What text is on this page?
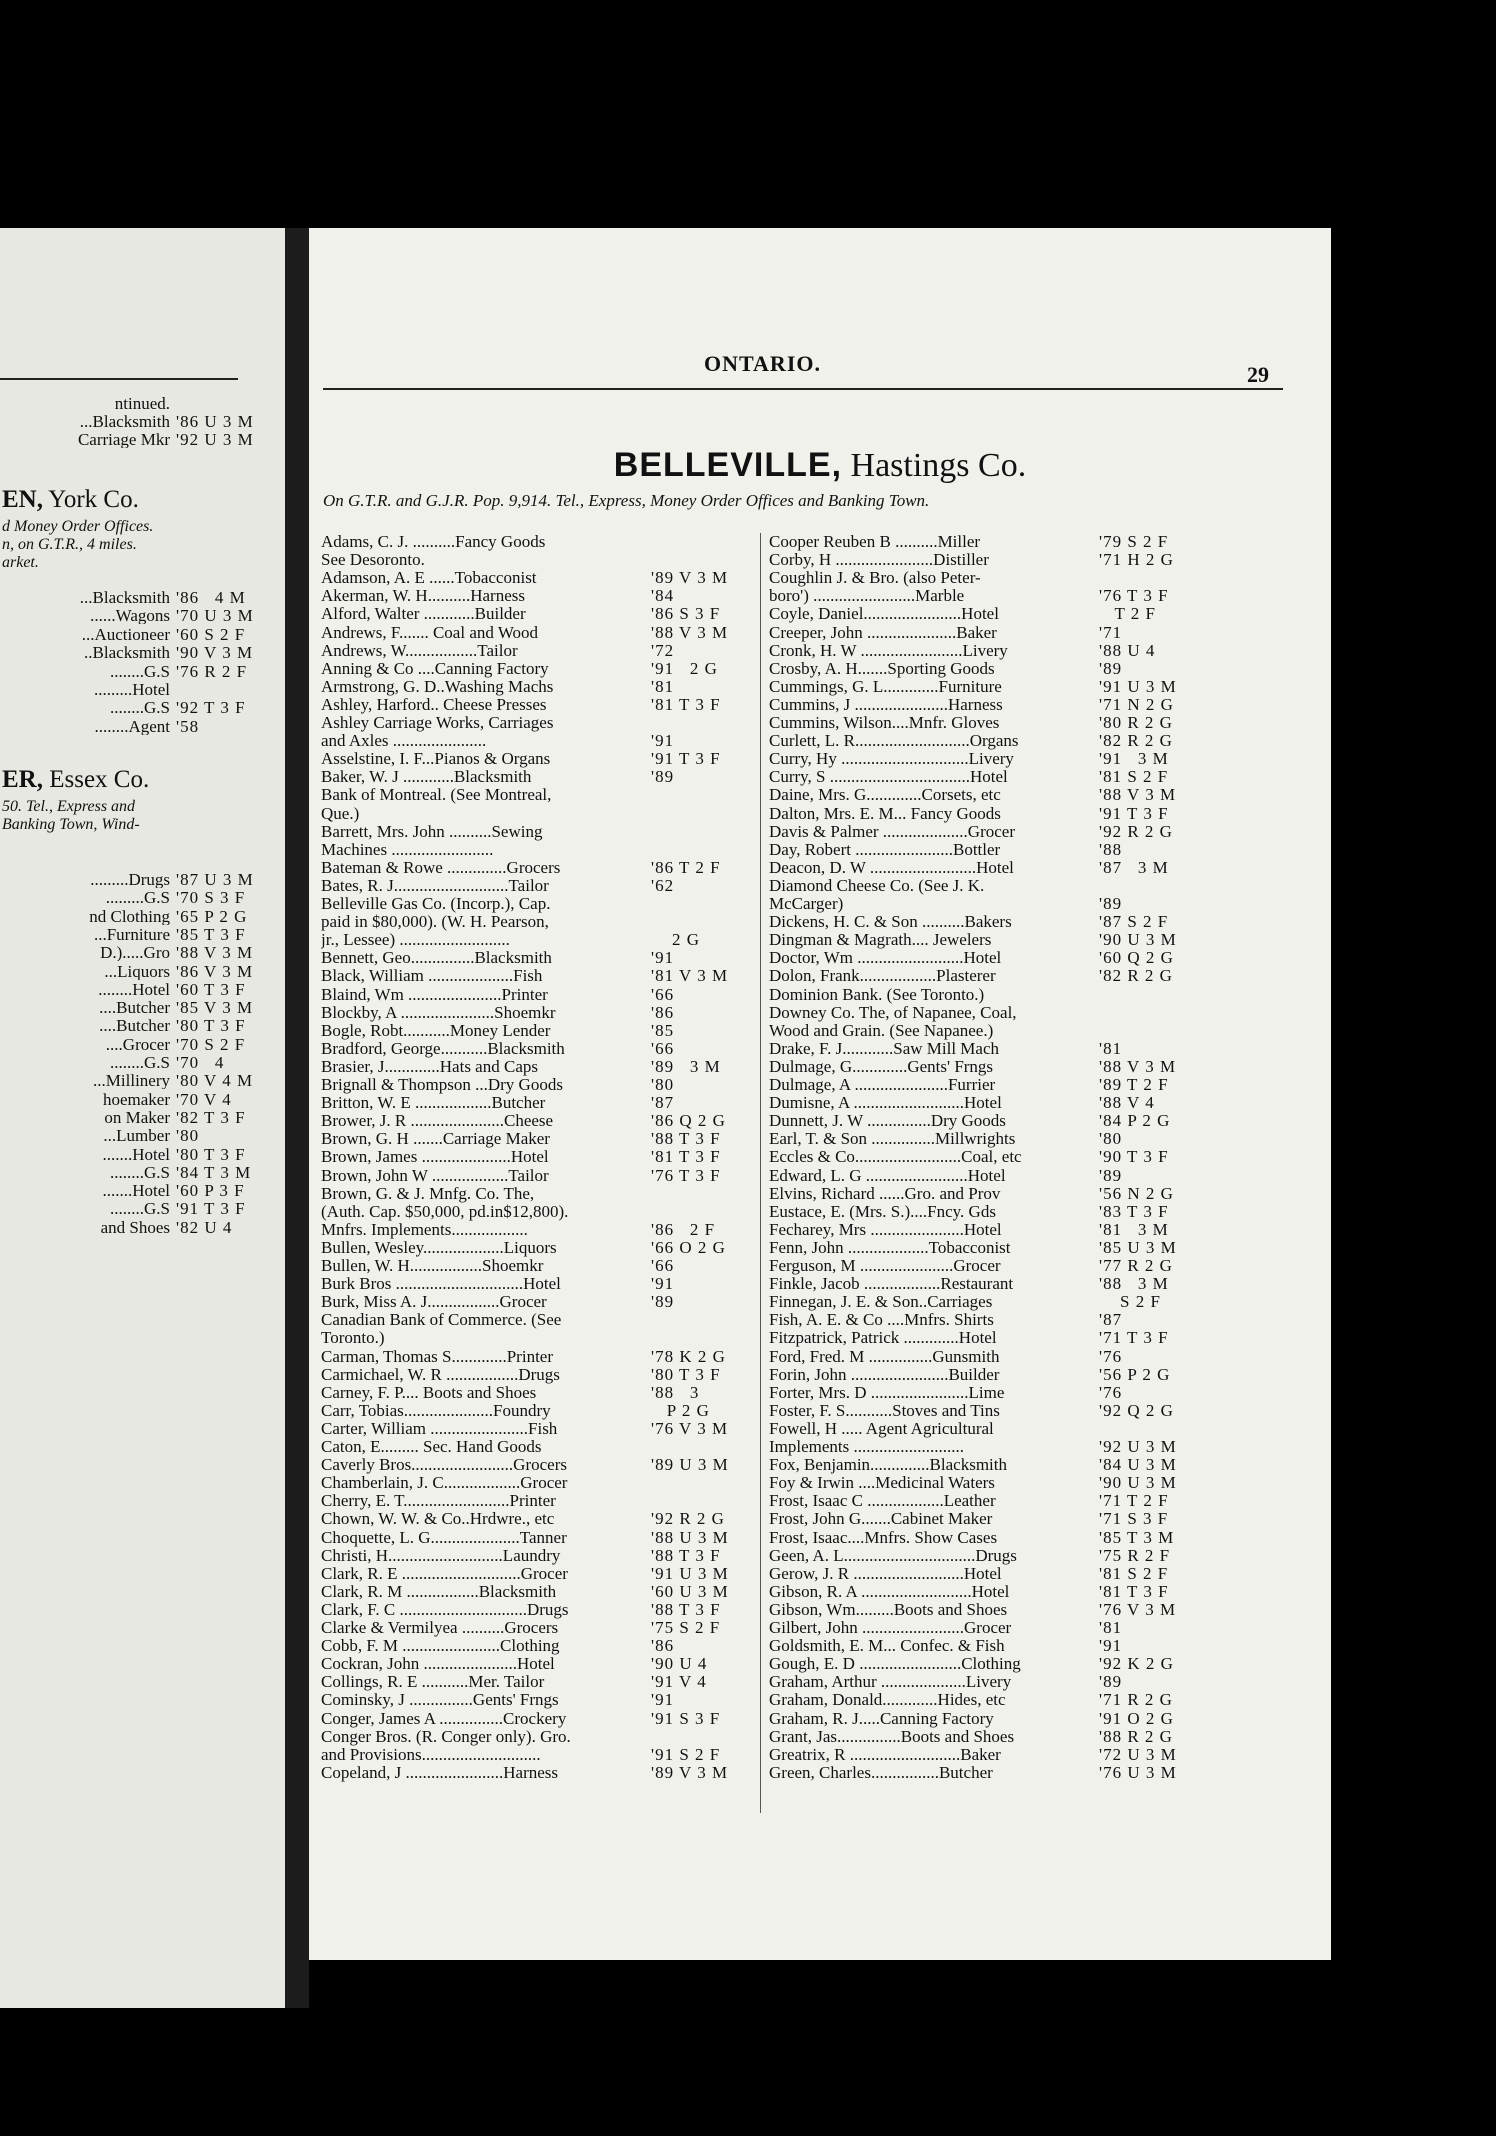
ntinued.
...Blacksmith '86 U 3 M
Carriage Mkr '92 U 3 M
EN, York Co.
d Money Order Offices.
n, on G.T.R., 4 miles.
arket.
...Blacksmith '86   4 M
......Wagons '70 U 3 M
...Auctioneer '60 S 2 F
..Blacksmith '90 V 3 M
........G.S '76 R 2 F
.........Hotel
........G.S '92 T 3 F
........Agent '58
ER, Essex Co.
50. Tel., Express and
Banking Town, Wind-
.........Drugs '87 U 3 M
.........G.S '70 S 3 F
nd Clothing '65 P 2 G
...Furniture '85 T 3 F
D.).....Gro '88 V 3 M
...Liquors '86 V 3 M
........Hotel '60 T 3 F
....Butcher '85 V 3 M
....Butcher '80 T 3 F
....Grocer '70 S 2 F
........G.S '70   4
...Millinery '80 V 4 M
hoemaker '70 V 4
on Maker '82 T 3 F
...Lumber '80
.......Hotel '80 T 3 F
........G.S '84 T 3 M
.......Hotel '60 P 3 F
........G.S '91 T 3 F
and Shoes '82 U 4
ONTARIO.	29
BELLEVILLE, Hastings Co.
On G.T.R. and G.J.R. Pop. 9,914. Tel., Express, Money Order Offices and Banking Town.
Adams, C. J. ..........Fancy Goods
See Desoronto.
Adamson, A. E ......Tobacconist	'89 V 3 M
Akerman, W. H..........Harness	'84
Alford, Walter ............Builder	'86 S 3 F
Andrews, F....... Coal and Wood	'88 V 3 M
Andrews, W.................Tailor	'72
Anning & Co ....Canning Factory	'91   2 G
Armstrong, G. D..Washing Machs	'81
Ashley, Harford.. Cheese Presses	'81 T 3 F
Ashley Carriage Works, Carriages
and Axles ......................	'91
Asselstine, I. F...Pianos & Organs	'91 T 3 F
Baker, W. J ............Blacksmith	'89
Bank of Montreal. (See Montreal,
Que.)
Barrett, Mrs. John ..........Sewing
Machines ........................
Bateman & Rowe ..............Grocers	'86 T 2 F
Bates, R. J...........................Tailor	'62
Belleville Gas Co. (Incorp.), Cap.
paid in $80,000). (W. H. Pearson,
jr., Lessee) ..........................	2 G
Bennett, Geo...............Blacksmith	'91
Black, William ....................Fish	'81 V 3 M
Blaind, Wm ......................Printer	'66
Blockby, A ......................Shoemkr	'86
Bogle, Robt...........Money Lender	'85
Bradford, George...........Blacksmith	'66
Brasier, J.............Hats and Caps	'89   3 M
Brignall & Thompson ...Dry Goods	'80
Britton, W. E ..................Butcher	'87
Brower, J. R ......................Cheese	'86 Q 2 G
Brown, G. H .......Carriage Maker	'88 T 3 F
Brown, James .....................Hotel	'81 T 3 F
Brown, John W ..................Tailor	'76 T 3 F
Brown, G. & J. Mnfg. Co. The,
(Auth. Cap. $50,000, pd.in$12,800).
Mnfrs. Implements..................	'86   2 F
Bullen, Wesley...................Liquors	'66 O 2 G
Bullen, W. H.................Shoemkr	'66
Burk Bros ..............................Hotel	'91
Burk, Miss A. J.................Grocer	'89
Canadian Bank of Commerce. (See
Toronto.)
Carman, Thomas S.............Printer	'78 K 2 G
Carmichael, W. R .................Drugs	'80 T 3 F
Carney, F. P.... Boots and Shoes	'88   3
Carr, Tobias.....................Foundry	P 2 G
Carter, William .......................Fish	'76 V 3 M
Caton, E......... Sec. Hand Goods
Caverly Bros........................Grocers	'89 U 3 M
Chamberlain, J. C..................Grocer
Cherry, E. T.........................Printer
Chown, W. W. & Co..Hrdwre., etc	'92 R 2 G
Choquette, L. G.....................Tanner	'88 U 3 M
Christi, H...........................Laundry	'88 T 3 F
Clark, R. E ............................Grocer	'91 U 3 M
Clark, R. M .................Blacksmith	'60 U 3 M
Clark, F. C ..............................Drugs	'88 T 3 F
Clarke & Vermilyea ..........Grocers	'75 S 2 F
Cobb, F. M .......................Clothing	'86
Cockran, John ......................Hotel	'90 U 4
Collings, R. E ...........Mer. Tailor	'91 V 4
Cominsky, J ...............Gents' Frngs	'91
Conger, James A ...............Crockery	'91 S 3 F
Conger Bros. (R. Conger only). Gro.
and Provisions............................	'91 S 2 F
Copeland, J .......................Harness	'89 V 3 M
Cooper Reuben B ..........Miller	'79 S 2 F
Corby, H .......................Distiller	'71 H 2 G
Coughlin J. & Bro. (also Peter-
boro') ........................Marble	'76 T 3 F
Coyle, Daniel.......................Hotel	T 2 F
Creeper, John .....................Baker	'71
Cronk, H. W ........................Livery	'88 U 4
Crosby, A. H.......Sporting Goods	'89
Cummings, G. L.............Furniture	'91 U 3 M
Cummins, J ......................Harness	'71 N 2 G
Cummins, Wilson....Mnfr. Gloves	'80 R 2 G
Curlett, L. R...........................Organs	'82 R 2 G
Curry, Hy ..............................Livery	'91   3 M
Curry, S .................................Hotel	'81 S 2 F
Daine, Mrs. G.............Corsets, etc	'88 V 3 M
Dalton, Mrs. E. M... Fancy Goods	'91 T 3 F
Davis & Palmer ....................Grocer	'92 R 2 G
Day, Robert .......................Bottler	'88
Deacon, D. W .........................Hotel	'87   3 M
Diamond Cheese Co. (See J. K.
McCarger)	'89
Dickens, H. C. & Son ..........Bakers	'87 S 2 F
Dingman & Magrath.... Jewelers	'90 U 3 M
Doctor, Wm .........................Hotel	'60 Q 2 G
Dolon, Frank..................Plasterer	'82 R 2 G
Dominion Bank. (See Toronto.)
Downey Co. The, of Napanee, Coal,
Wood and Grain. (See Napanee.)
Drake, F. J............Saw Mill Mach	'81
Dulmage, G.............Gents' Frngs	'88 V 3 M
Dulmage, A ......................Furrier	'89 T 2 F
Dumisne, A ..........................Hotel	'88 V 4
Dunnett, J. W ...............Dry Goods	'84 P 2 G
Earl, T. & Son ...............Millwrights	'80
Eccles & Co.........................Coal, etc	'90 T 3 F
Edward, L. G ........................Hotel	'89
Elvins, Richard ......Gro. and Prov	'56 N 2 G
Eustace, E. (Mrs. S.)....Fncy. Gds	'83 T 3 F
Fecharey, Mrs ......................Hotel	'81   3 M
Fenn, John ...................Tobacconist	'85 U 3 M
Ferguson, M ......................Grocer	'77 R 2 G
Finkle, Jacob ..................Restaurant	'88   3 M
Finnegan, J. E. & Son..Carriages	S 2 F
Fish, A. E. & Co ....Mnfrs. Shirts	'87
Fitzpatrick, Patrick .............Hotel	'71 T 3 F
Ford, Fred. M ...............Gunsmith	'76
Forin, John .......................Builder	'56 P 2 G
Forter, Mrs. D .......................Lime	'76
Foster, F. S...........Stoves and Tins	'92 Q 2 G
Fowell, H ..... Agent Agricultural
Implements ..........................	'92 U 3 M
Fox, Benjamin..............Blacksmith	'84 U 3 M
Foy & Irwin ....Medicinal Waters	'90 U 3 M
Frost, Isaac C ..................Leather	'71 T 2 F
Frost, John G.......Cabinet Maker	'71 S 3 F
Frost, Isaac....Mnfrs. Show Cases	'85 T 3 M
Geen, A. L...............................Drugs	'75 R 2 F
Gerow, J. R ..........................Hotel	'81 S 2 F
Gibson, R. A ..........................Hotel	'81 T 3 F
Gibson, Wm.........Boots and Shoes	'76 V 3 M
Gilbert, John ........................Grocer	'81
Goldsmith, E. M... Confec. & Fish	'91
Gough, E. D ........................Clothing	'92 K 2 G
Graham, Arthur ....................Livery	'89
Graham, Donald.............Hides, etc	'71 R 2 G
Graham, R. J.....Canning Factory	'91 O 2 G
Grant, Jas...............Boots and Shoes	'88 R 2 G
Greatrix, R ..........................Baker	'72 U 3 M
Green, Charles................Butcher	'76 U 3 M
